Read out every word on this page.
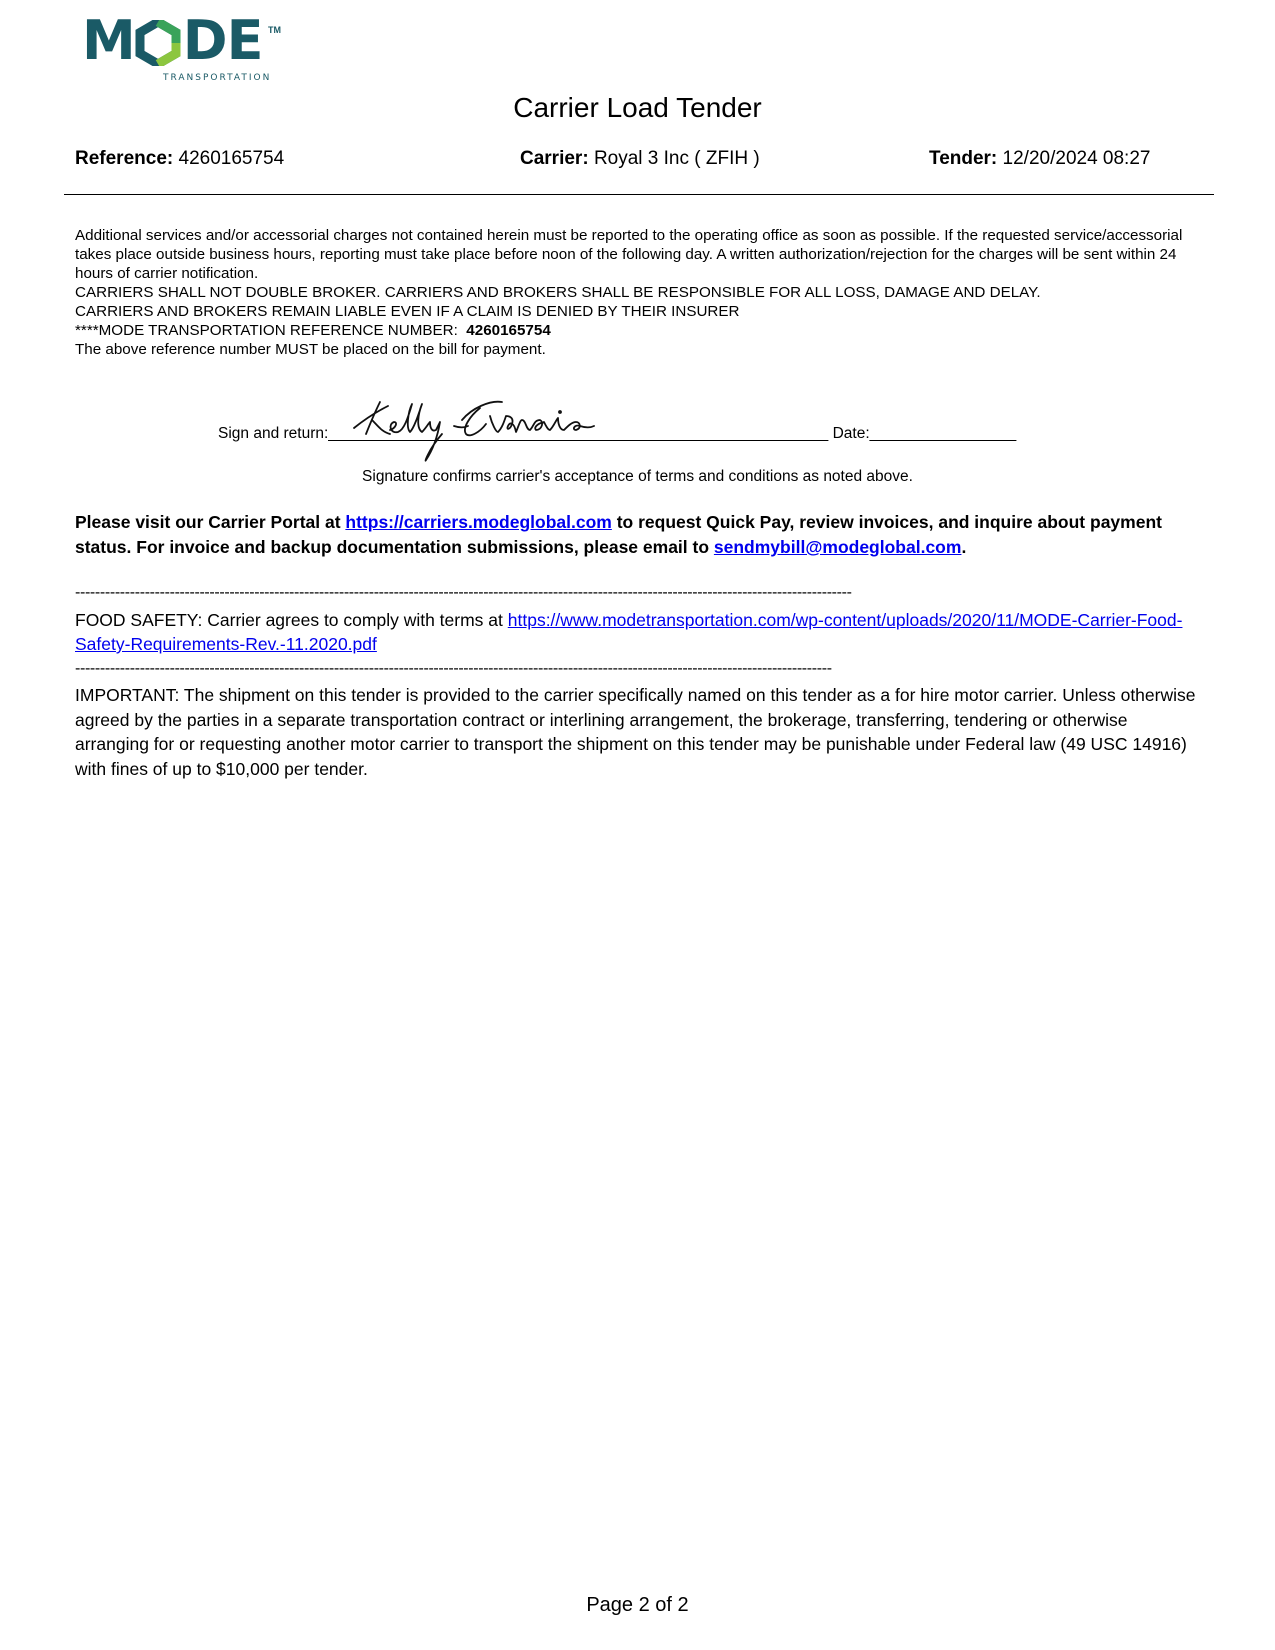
M DE TM
TRANSPORTATION
Carrier Load Tender
Reference: 4260165754	Carrier: Royal 3 Inc ( ZFIH )	Tender: 12/20/2024 08:27

Additional services and/or accessorial charges not contained herein must be reported to the operating office as soon as possible. If the requested service/accessorial takes place outside business hours, reporting must take place before noon of the following day. A written authorization/rejection for the charges will be sent within 24 hours of carrier notification.

CARRIERS SHALL NOT DOUBLE BROKER. CARRIERS AND BROKERS SHALL BE RESPONSIBLE FOR ALL LOSS, DAMAGE AND DELAY.

CARRIERS AND BROKERS REMAIN LIABLE EVEN IF A CLAIM IS DENIED BY THEIR INSURER

****MODE TRANSPORTATION REFERENCE NUMBER: 4260165754

The above reference number MUST be placed on the bill for payment.

Sign and return:__________________________________________________________ Date:_________________
Signature confirms carrier's acceptance of terms and conditions as noted above.
Please visit our Carrier Portal at https://carriers.modeglobal.com to request Quick Pay, review invoices, and inquire about payment status. For invoice and backup documentation submissions, please email to sendmybill@modeglobal.com.
------------------------------------------------------------------------------------------------------------------------------------------------------------
FOOD SAFETY: Carrier agrees to comply with terms at https://www.modetransportation.com/wp-content/uploads/2020/11/MODE-Carrier-Food-Safety-Requirements-Rev.-11.2020.pdf
--------------------------------------------------------------------------------------------------------------------------------------------------------
IMPORTANT: The shipment on this tender is provided to the carrier specifically named on this tender as a for hire motor carrier. Unless otherwise agreed by the parties in a separate transportation contract or interlining arrangement, the brokerage, transferring, tendering or otherwise arranging for or requesting another motor carrier to transport the shipment on this tender may be punishable under Federal law (49 USC 14916) with fines of up to $10,000 per tender.
Page 2 of 2
